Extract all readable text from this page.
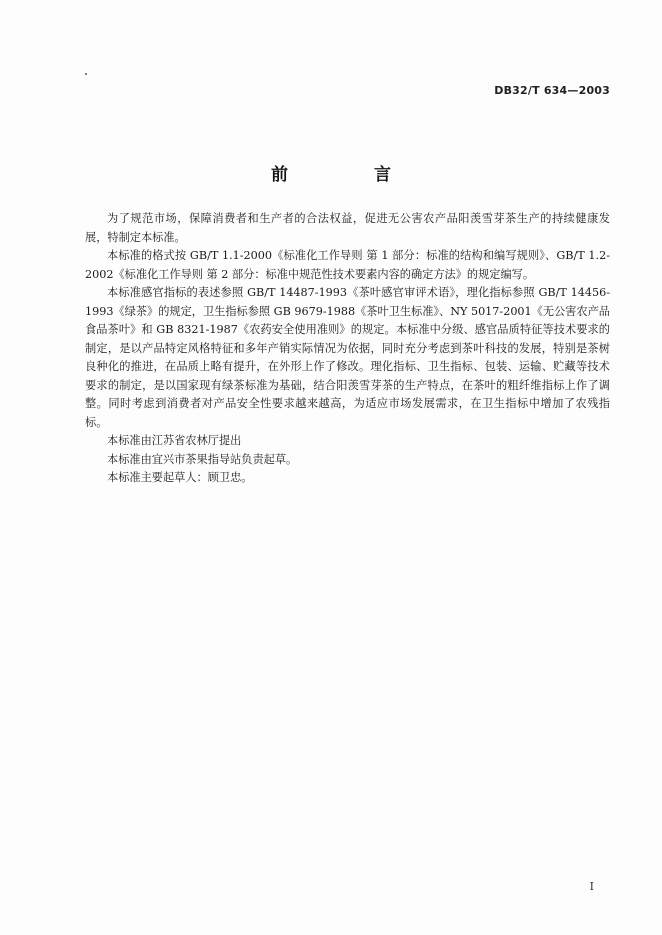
DB32/T 634—2003
前 言

为了规范市场，保障消费者和生产者的合法权益，促进无公害农产品阳羡雪芽茶生产的持续健康发展，特制定本标准。

本标准的格式按 GB/T 1.1-2000《标准化工作导则 第 1 部分：标准的结构和编写规则》、GB/T 1.2-2002《标准化工作导则 第 2 部分：标准中规范性技术要素内容的确定方法》的规定编写。

本标准感官指标的表述参照 GB/T 14487-1993《茶叶感官审评术语》，理化指标参照 GB/T 14456-1993《绿茶》的规定，卫生指标参照 GB 9679-1988《茶叶卫生标准》、NY 5017-2001《无公害农产品 食品茶叶》和 GB 8321-1987《农药安全使用准则》的规定。本标准中分级、感官品质特征等技术要求的制定，是以产品特定风格特征和多年产销实际情况为依据，同时充分考虑到茶叶科技的发展，特别是茶树良种化的推进，在品质上略有提升，在外形上作了修改。理化指标、卫生指标、包装、运输、贮藏等技术要求的制定，是以国家现有绿茶标准为基础，结合阳羡雪芽茶的生产特点，在茶叶的粗纤维指标上作了调整。同时考虑到消费者对产品安全性要求越来越高，为适应市场发展需求，在卫生指标中增加了农残指标。

本标准由江苏省农林厅提出

本标准由宜兴市茶果指导站负责起草。

本标准主要起草人：顾卫忠。

I
